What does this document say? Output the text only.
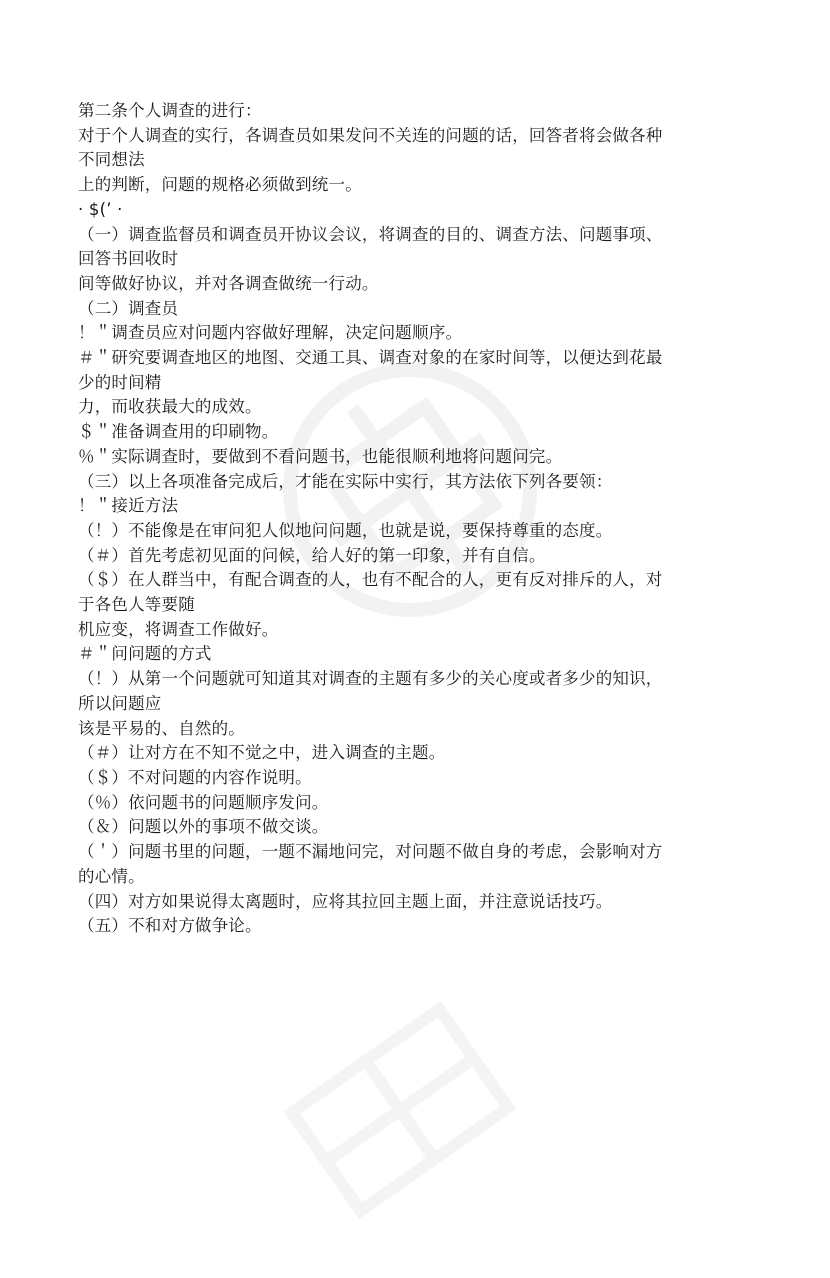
第二条个人调查的进行：
对于个人调查的实行，各调查员如果发问不关连的问题的话，回答者将会做各种
不同想法
上的判断，问题的规格必须做到统一。
· $(’ ·
（一）调查监督员和调查员开协议会议，将调查的目的、调查方法、问题事项、
回答书回收时
间等做好协议，并对各调查做统一行动。
（二）调查员
！＂调查员应对问题内容做好理解，决定问题顺序。
＃＂研究要调查地区的地图、交通工具、调查对象的在家时间等，以便达到花最
少的时间精
力，而收获最大的成效。
＄＂准备调查用的印刷物。
％＂实际调查时，要做到不看问题书，也能很顺利地将问题问完。
（三）以上各项准备完成后，才能在实际中实行，其方法依下列各要领：
！＂接近方法
（！）不能像是在审问犯人似地问问题，也就是说，要保持尊重的态度。
（＃）首先考虑初见面的问候，给人好的第一印象，并有自信。
（＄）在人群当中，有配合调查的人，也有不配合的人，更有反对排斥的人，对
于各色人等要随
机应变，将调查工作做好。
＃＂问问题的方式
（！）从第一个问题就可知道其对调查的主题有多少的关心度或者多少的知识，
所以问题应
该是平易的、自然的。
（＃）让对方在不知不觉之中，进入调查的主题。
（＄）不对问题的内容作说明。
（％）依问题书的问题顺序发问。
（＆）问题以外的事项不做交谈。
（＇）问题书里的问题，一题不漏地问完，对问题不做自身的考虑，会影响对方
的心情。
（四）对方如果说得太离题时，应将其拉回主题上面，并注意说话技巧。
（五）不和对方做争论。
